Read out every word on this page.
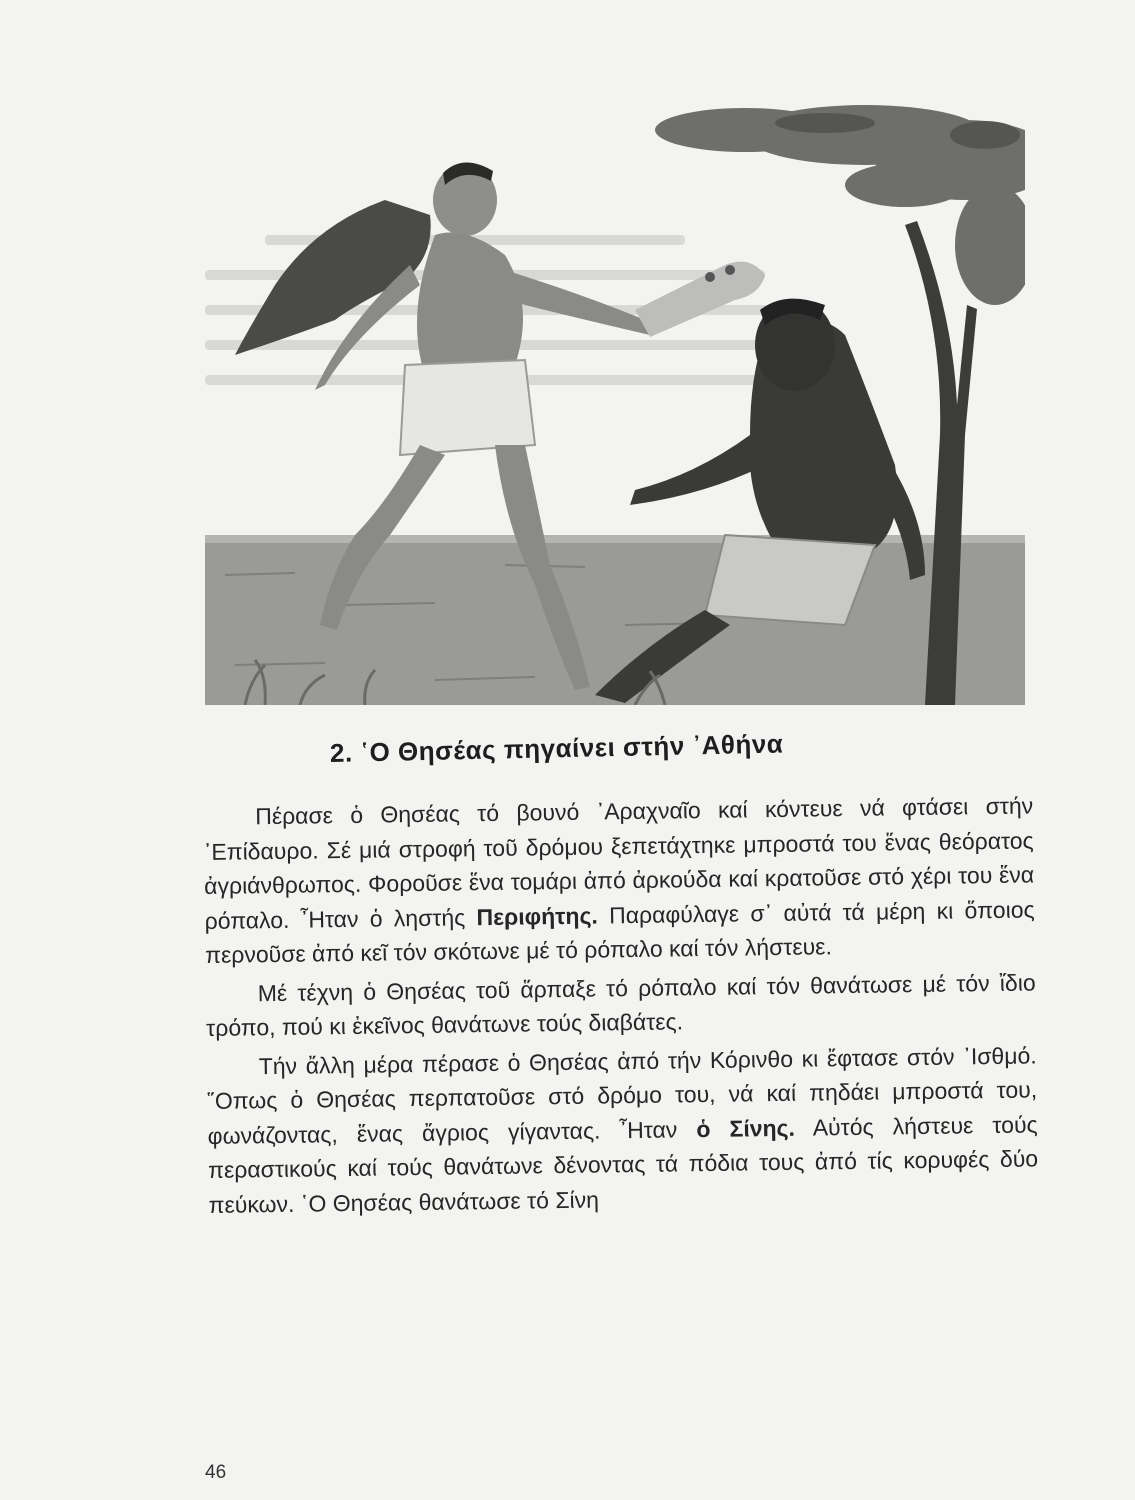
2. ῾Ο Θησέας πηγαίνει στήν ᾿Αθήνα

Πέρασε ὁ Θησέας τό βουνό ᾿Αραχναῖο καί κόντευε νά φτάσει στήν ᾿Επίδαυρο. Σέ μιά στροφή τοῦ δρόμου ξεπετάχτηκε μπροστά του ἕνας θεόρατος ἀγριάνθρωπος. Φοροῦσε ἕνα τομάρι ἀπό ἀρκούδα καί κρατοῦσε στό χέρι του ἕνα ρόπαλο. ῏Ηταν ὁ ληστής Περιφήτης. Παραφύλαγε σ᾿ αὐτά τά μέρη κι ὅποιος περνοῦσε ἀπό κεῖ τόν σκότωνε μέ τό ρόπαλο καί τόν λήστευε.

Μέ τέχνη ὁ Θησέας τοῦ ἅρπαξε τό ρόπαλο καί τόν θανάτωσε μέ τόν ἴδιο τρόπο, πού κι ἐκεῖνος θανάτωνε τούς διαβάτες.

Τήν ἄλλη μέρα πέρασε ὁ Θησέας ἀπό τήν Κόρινθο κι ἔφτασε στόν ᾿Ισθμό. ῞Οπως ὁ Θησέας περπατοῦσε στό δρόμο του, νά καί πηδάει μπροστά του, φωνάζοντας, ἕνας ἄγριος γίγαντας. ῏Ηταν ὁ Σίνης. Αὐτός λήστευε τούς περαστικούς καί τούς θανάτωνε δένοντας τά πόδια τους ἀπό τίς κορυφές δύο πεύκων. ῾Ο Θησέας θανάτωσε τό Σίνη

46
